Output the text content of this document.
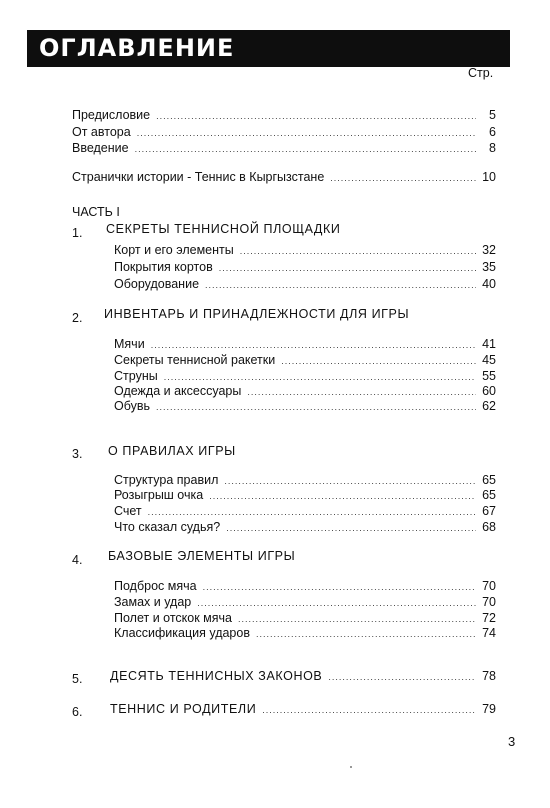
ОГЛАВЛЕНИЕ
Стр.
Предисловие .....	5
От автора .....	6
Введение .....	8
Странички истории - Теннис в Кыргызстане .....	10
ЧАСТЬ I
1. СЕКРЕТЫ ТЕННИСНОЙ ПЛОЩАДКИ
Корт и его элементы .....	32
Покрытия кортов .....	35
Оборудование .....	40
2. ИНВЕНТАРЬ И ПРИНАДЛЕЖНОСТИ ДЛЯ ИГРЫ
Мячи .....	41
Секреты теннисной ракетки .....	45
Струны .....	55
Одежда и аксессуары .....	60
Обувь .....	62
3. О ПРАВИЛАХ ИГРЫ
Структура правил .....	65
Розыгрыш очка .....	65
Счет .....	67
Что сказал судья? .....	68
4. БАЗОВЫЕ ЭЛЕМЕНТЫ ИГРЫ
Подброс мяча .....	70
Замах и удар .....	70
Полет и отскок мяча .....	72
Классификация ударов .....	74
5. ДЕСЯТЬ ТЕННИСНЫХ ЗАКОНОВ .....	78
6. ТЕННИС И РОДИТЕЛИ .....	79
3
